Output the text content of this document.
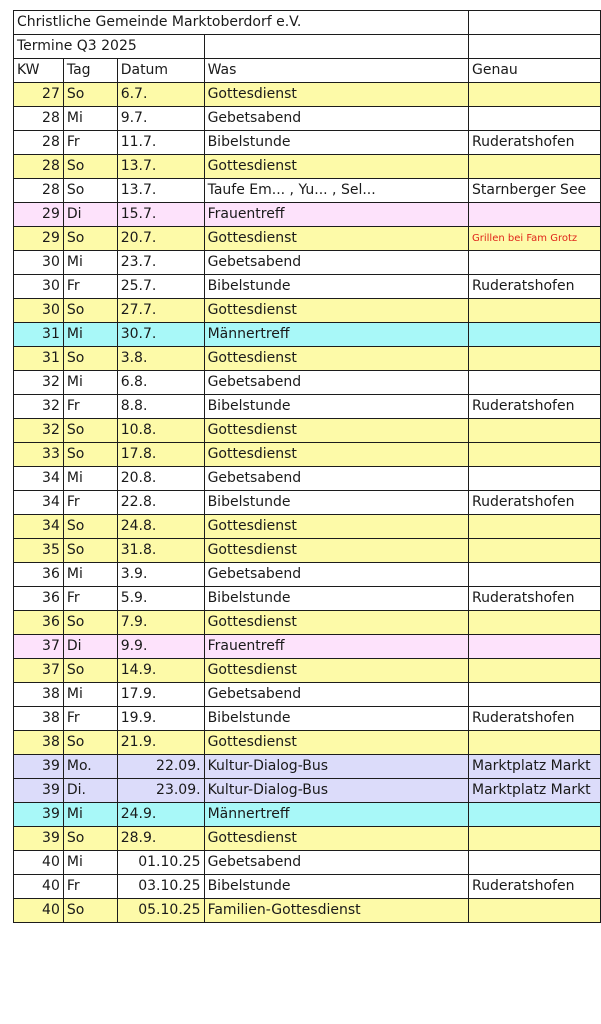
Christliche Gemeinde Marktoberdorf e.V.				
Termine Q3 2025				
KW	Tag	Datum	Was	Genau
27	So	6.7.	Gottesdienst	
28	Mi	9.7.	Gebetsabend	
28	Fr	11.7.	Bibelstunde	Ruderatshofen
28	So	13.7.	Gottesdienst	
28	So	13.7.	Taufe Em... , Yu... , Sel...	Starnberger See
29	Di	15.7.	Frauentreff	
29	So	20.7.	Gottesdienst	Grillen bei Fam Grotz
30	Mi	23.7.	Gebetsabend	
30	Fr	25.7.	Bibelstunde	Ruderatshofen
30	So	27.7.	Gottesdienst	
31	Mi	30.7.	Männertreff	
31	So	3.8.	Gottesdienst	
32	Mi	6.8.	Gebetsabend	
32	Fr	8.8.	Bibelstunde	Ruderatshofen
32	So	10.8.	Gottesdienst	
33	So	17.8.	Gottesdienst	
34	Mi	20.8.	Gebetsabend	
34	Fr	22.8.	Bibelstunde	Ruderatshofen
34	So	24.8.	Gottesdienst	
35	So	31.8.	Gottesdienst	
36	Mi	3.9.	Gebetsabend	
36	Fr	5.9.	Bibelstunde	Ruderatshofen
36	So	7.9.	Gottesdienst	
37	Di	9.9.	Frauentreff	
37	So	14.9.	Gottesdienst	
38	Mi	17.9.	Gebetsabend	
38	Fr	19.9.	Bibelstunde	Ruderatshofen
38	So	21.9.	Gottesdienst	
39	Mo.	22.09.	Kultur-Dialog-Bus	Marktplatz Markt
39	Di.	23.09.	Kultur-Dialog-Bus	Marktplatz Markt
39	Mi	24.9.	Männertreff	
39	So	28.9.	Gottesdienst	
40	Mi	01.10.25	Gebetsabend	
40	Fr	03.10.25	Bibelstunde	Ruderatshofen
40	So	05.10.25	Familien-Gottesdienst	
